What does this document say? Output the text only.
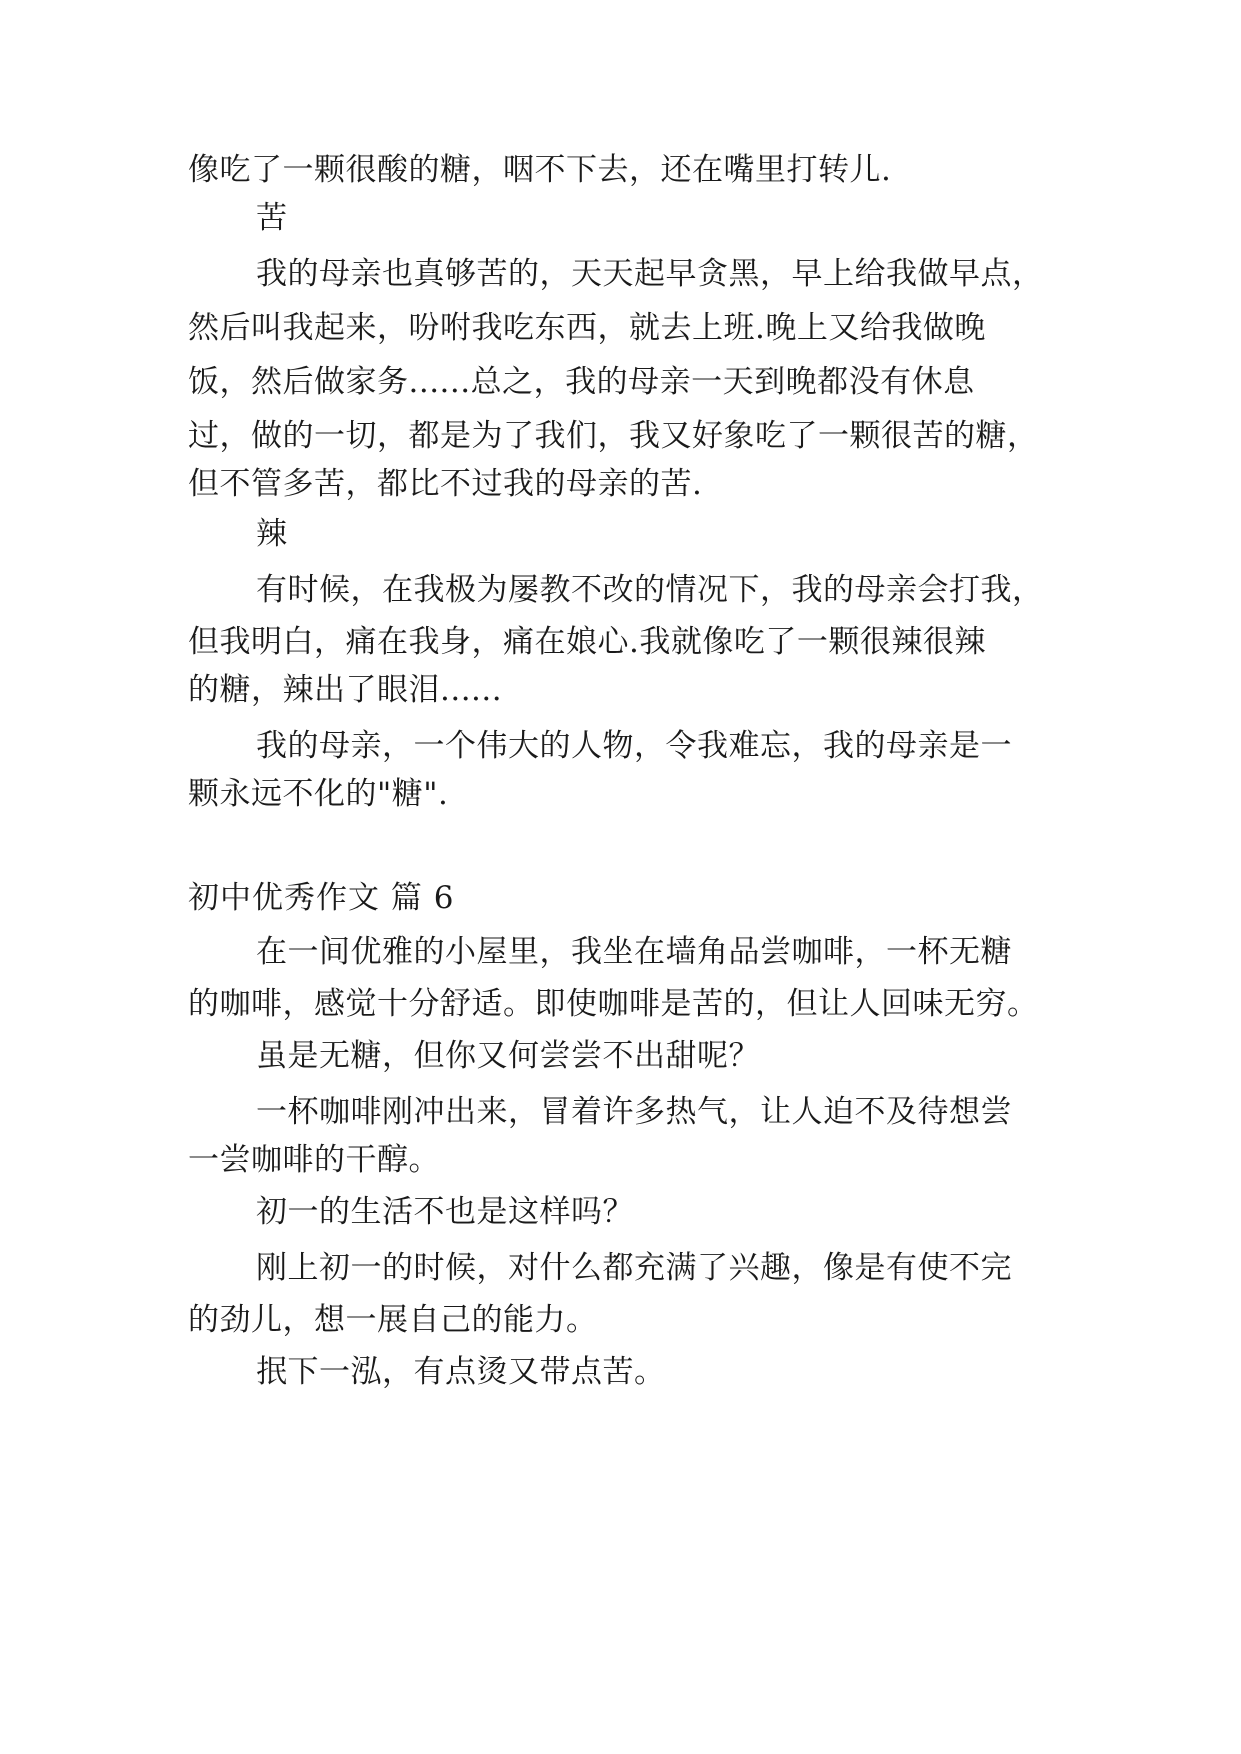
像吃了一颗很酸的糖，咽不下去，还在嘴里打转儿.
苦
我的母亲也真够苦的，天天起早贪黑，早上给我做早点，
然后叫我起来，吩咐我吃东西，就去上班.晚上又给我做晚
饭，然后做家务......总之，我的母亲一天到晚都没有休息
过，做的一切，都是为了我们，我又好象吃了一颗很苦的糖，
但不管多苦，都比不过我的母亲的苦.
辣
有时候，在我极为屡教不改的情况下，我的母亲会打我，
但我明白，痛在我身，痛在娘心.我就像吃了一颗很辣很辣
的糖，辣出了眼泪......
我的母亲，一个伟大的人物，令我难忘，我的母亲是一
颗永远不化的"糖".
初中优秀作文 篇 6
在一间优雅的小屋里，我坐在墙角品尝咖啡，一杯无糖
的咖啡，感觉十分舒适。即使咖啡是苦的，但让人回味无穷。
虽是无糖，但你又何尝尝不出甜呢？
一杯咖啡刚冲出来，冒着许多热气，让人迫不及待想尝
一尝咖啡的干醇。
初一的生活不也是这样吗？
刚上初一的时候，对什么都充满了兴趣，像是有使不完
的劲儿，想一展自己的能力。
抿下一泓，有点烫又带点苦。
